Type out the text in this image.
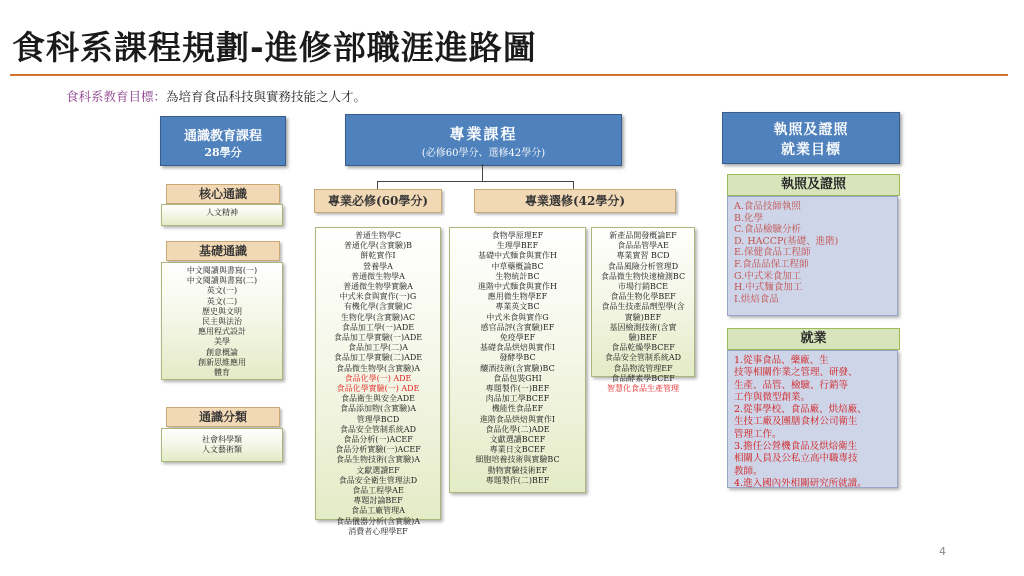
食科系課程規劃-進修部職涯進路圖
食科系教育目標：為培育食品科技與實務技能之人才。
通識教育課程
28學分
核心通識
人文精神
基礎通識
中文閱讀與書寫(一)
中文閱讀與書寫(二)
英文(一)
英文(二)
歷史與文明
民主與法治
應用程式設計
美學
創意概論
創新思維應用
體育
通識分類
社會科學類
人文藝術類
專業課程
(必修60學分、選修42學分)
專業必修(60學分)
普通生物學C
普通化學(含實驗)B
餅乾實作I
營養學A
普通微生物學A
普通微生物學實驗A
中式米食與實作(一)G
有機化學(含實驗)C
生物化學(含實驗)AC
食品加工學(一)ADE
食品加工學實驗(一)ADE
食品加工學(二)A
食品加工學實驗(二)ADE
食品微生物學(含實驗)A
食品化學(一) ADE
食品化學實驗(一) ADE
食品衛生與安全ADE
食品添加物(含實驗)A
管理學BCD
食品安全管制系統AD
食品分析(一)ACEF
食品分析實驗(一)ACEF
食品生物技術(含實驗)A
文獻選讀EF
食品安全衛生管理法D
食品工程學AE
專題討論BEF
食品工廠管理A
食品儀器分析(含實驗)A
消費者心理學EF
專業選修(42學分)
食物學原理EF
生理學BEF
基礎中式麵食與實作H
中草藥概論BC
生物統計BC
進階中式麵食與實作H
應用微生物學EF
專業英文BC
中式米食與實作G
感官品評(含實驗)EF
免疫學EF
基礎食品烘焙與實作I
發酵學BC
釀酒技術(含實驗)BC
食品包裝GHI
專題製作(一)BEF
肉品加工學BCEF
機能性食品EF
進階食品烘焙與實作I
食品化學(二)ADE
文獻選讀BCEF
專業日文BCEF
細胞培養技術與實驗BC
動物實驗技術EF
專題製作(二)BEF
新產品開發概論EF
食品品管學AE
專業實習 BCD
食品風險分析管理D
食品微生物快速檢測BC
市場行銷BCE
食品生物化學BEF
食品生技產品劑型學(含
實驗)BEF
基因檢測技術(含實
驗)BEF
食品乾燥學BCEF
食品安全管制系統AD
食品物流管理EF
食品酵素學BCEF
智慧化食品生產管理
執照及證照
就業目標
執照及證照
A.食品技師執照
B.化學
C.食品檢驗分析
D. HACCP(基礎、進階)
E.保健食品工程師
F.食品品保工程師
G.中式米食加工
H.中式麵食加工
I.烘焙食品
就業
1.從事食品、藥廠、生
技等相關作業之管理、研發、
生產、品管、檢驗、行銷等
工作與微型創業。
2.從事學校、食品廠、烘焙廠、
生技工廠及團膳食材公司衛生
管理工作。
3.擔任公營機食品及烘焙衛生
相關人員及公私立高中職專技
教師。
4.進入國內外相關研究所就讀。
4
